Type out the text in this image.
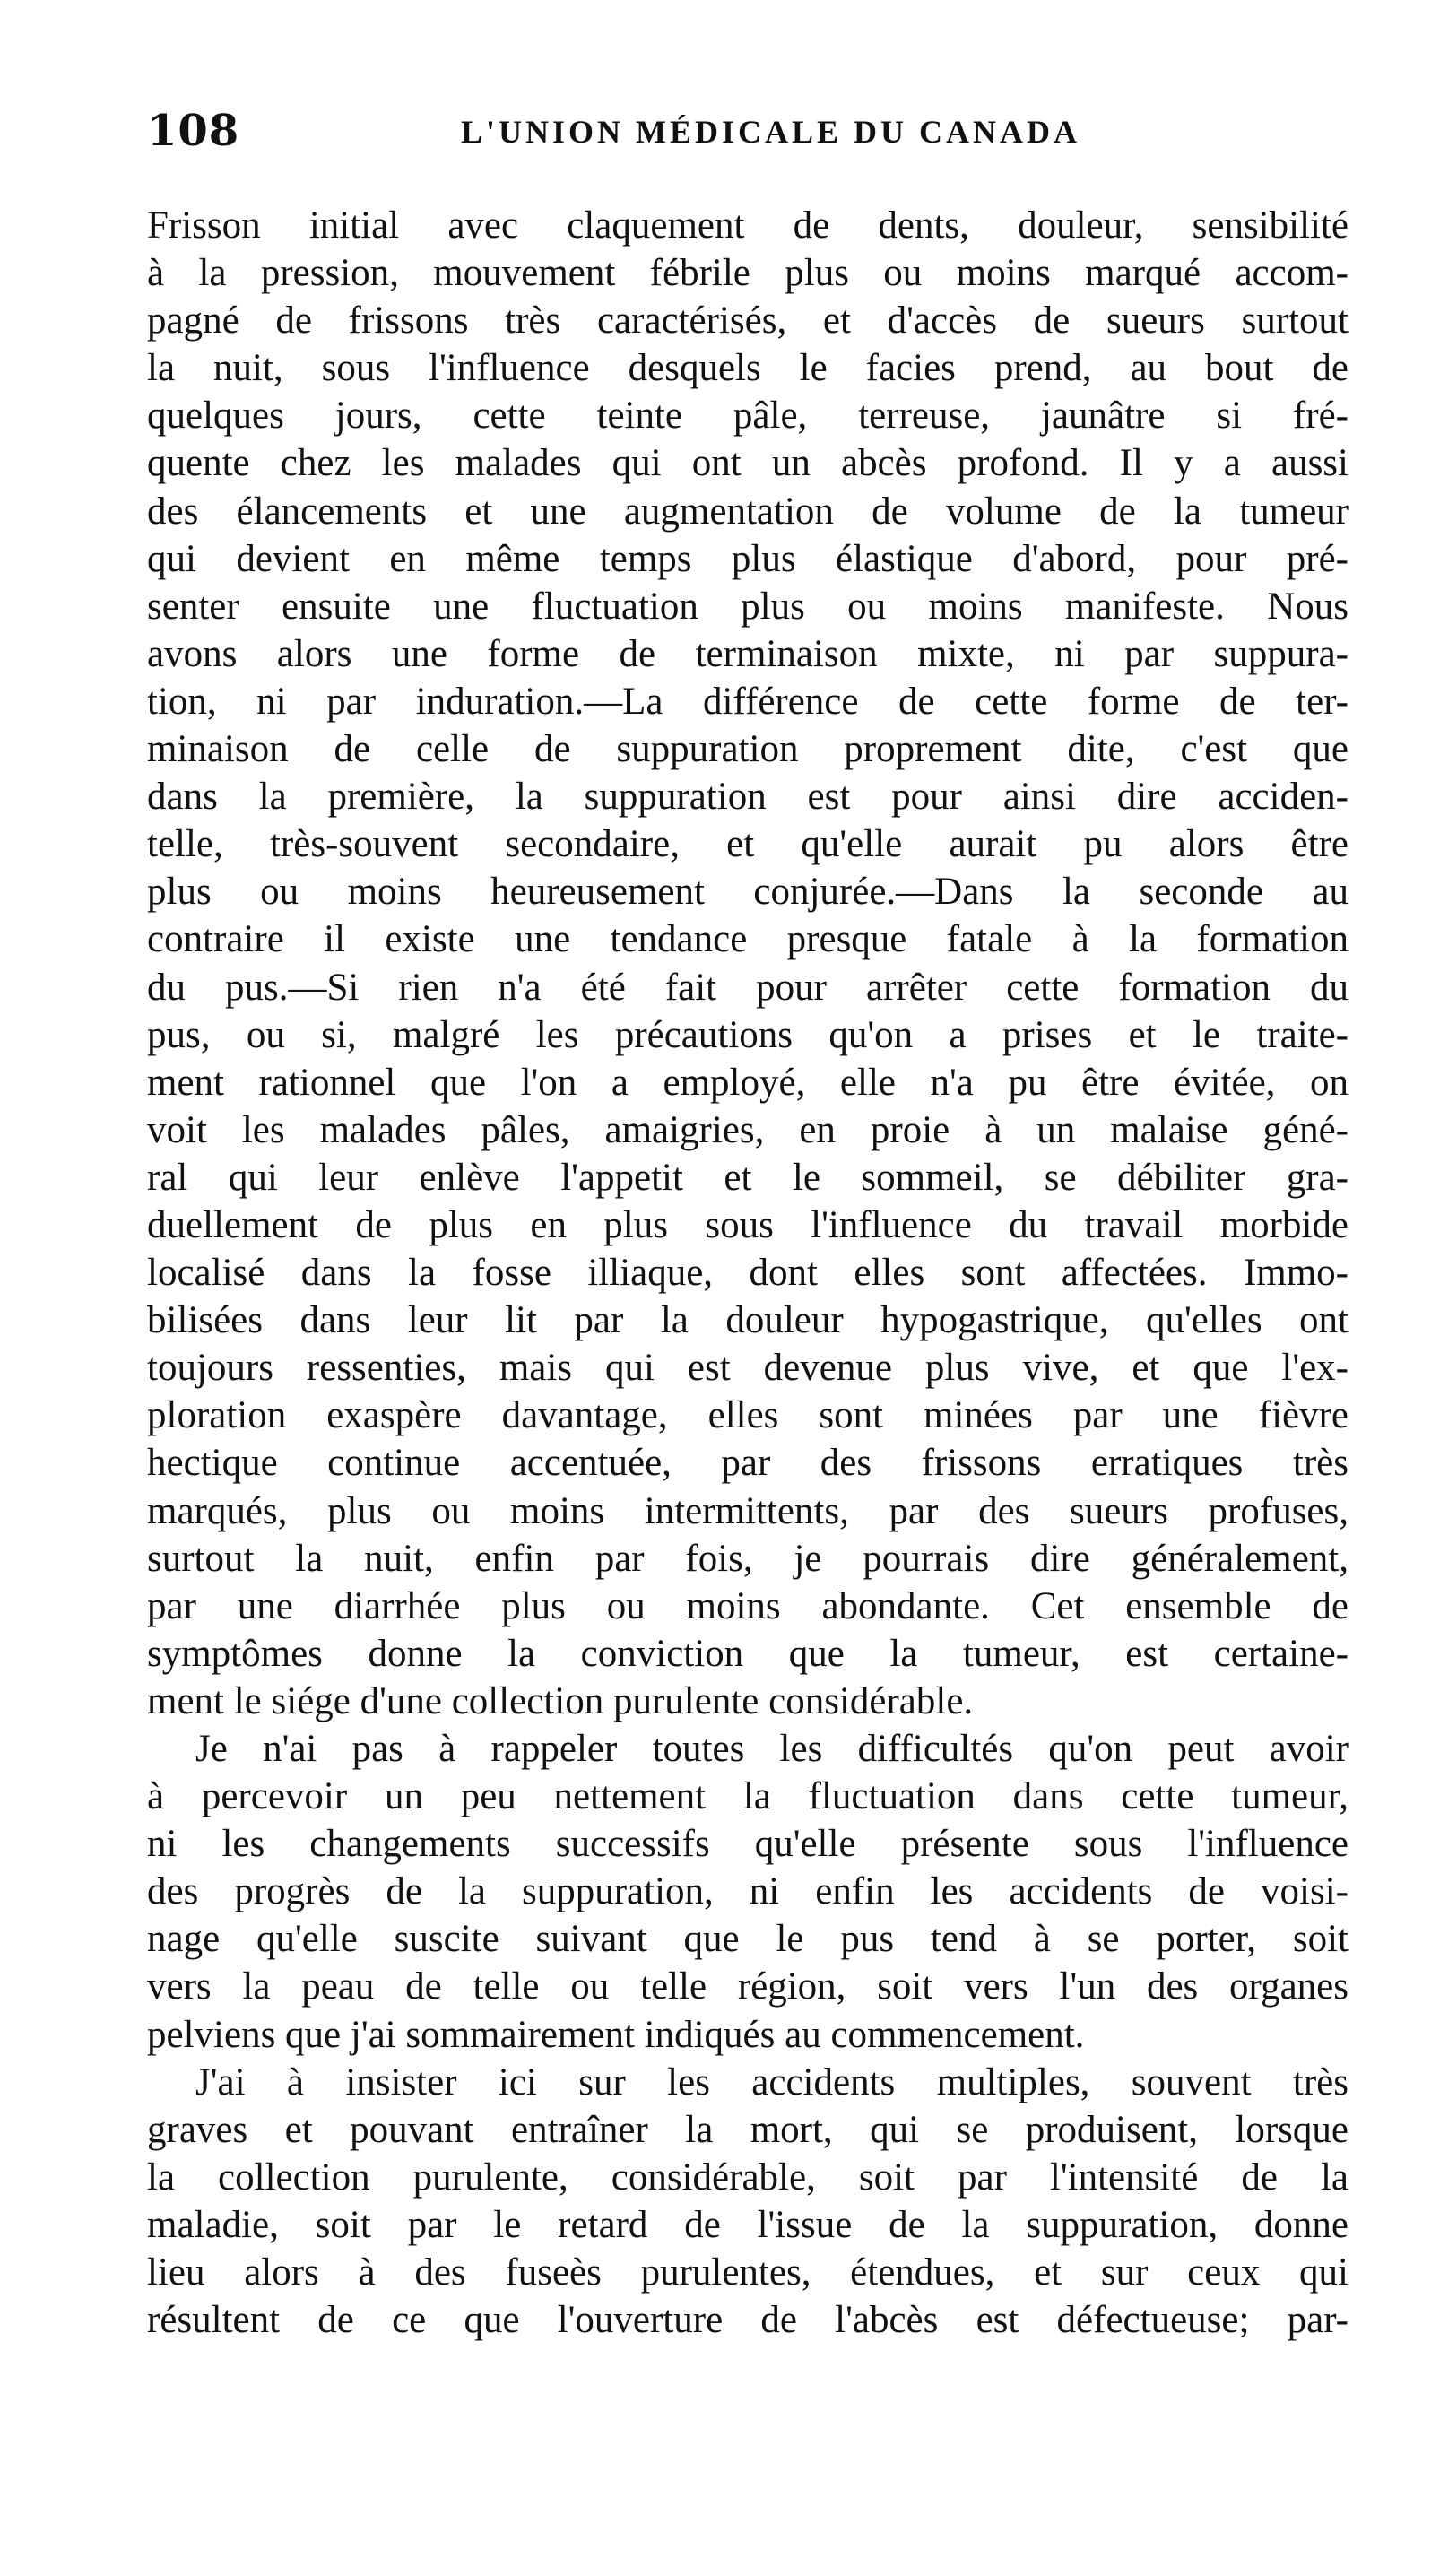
108	L'UNION MÉDICALE DU CANADA
Frisson initial avec claquement de dents, douleur, sensibilité
à la pression, mouvement fébrile plus ou moins marqué accom-
pagné de frissons très caractérisés, et d'accès de sueurs surtout
la nuit, sous l'influence desquels le facies prend, au bout de
quelques jours, cette teinte pâle, terreuse, jaunâtre si fré-
quente chez les malades qui ont un abcès profond. Il y a aussi
des élancements et une augmentation de volume de la tumeur
qui devient en même temps plus élastique d'abord, pour pré-
senter ensuite une fluctuation plus ou moins manifeste. Nous
avons alors une forme de terminaison mixte, ni par suppura-
tion, ni par induration.—La différence de cette forme de ter-
minaison de celle de suppuration proprement dite, c'est que
dans la première, la suppuration est pour ainsi dire acciden-
telle, très-souvent secondaire, et qu'elle aurait pu alors être
plus ou moins heureusement conjurée.—Dans la seconde au
contraire il existe une tendance presque fatale à la formation
du pus.—Si rien n'a été fait pour arrêter cette formation du
pus, ou si, malgré les précautions qu'on a prises et le traite-
ment rationnel que l'on a employé, elle n'a pu être évitée, on
voit les malades pâles, amaigries, en proie à un malaise géné-
ral qui leur enlève l'appetit et le sommeil, se débiliter gra-
duellement de plus en plus sous l'influence du travail morbide
localisé dans la fosse illiaque, dont elles sont affectées. Immo-
bilisées dans leur lit par la douleur hypogastrique, qu'elles ont
toujours ressenties, mais qui est devenue plus vive, et que l'ex-
ploration exaspère davantage, elles sont minées par une fièvre
hectique continue accentuée, par des frissons erratiques très
marqués, plus ou moins intermittents, par des sueurs profuses,
surtout la nuit, enfin par fois, je pourrais dire généralement,
par une diarrhée plus ou moins abondante. Cet ensemble de
symptômes donne la conviction que la tumeur, est certaine-
ment le siége d'une collection purulente considérable.
Je n'ai pas à rappeler toutes les difficultés qu'on peut avoir
à percevoir un peu nettement la fluctuation dans cette tumeur,
ni les changements successifs qu'elle présente sous l'influence
des progrès de la suppuration, ni enfin les accidents de voisi-
nage qu'elle suscite suivant que le pus tend à se porter, soit
vers la peau de telle ou telle région, soit vers l'un des organes
pelviens que j'ai sommairement indiqués au commencement.
J'ai à insister ici sur les accidents multiples, souvent très
graves et pouvant entraîner la mort, qui se produisent, lorsque
la collection purulente, considérable, soit par l'intensité de la
maladie, soit par le retard de l'issue de la suppuration, donne
lieu alors à des fuseès purulentes, étendues, et sur ceux qui
résultent de ce que l'ouverture de l'abcès est défectueuse; par-
